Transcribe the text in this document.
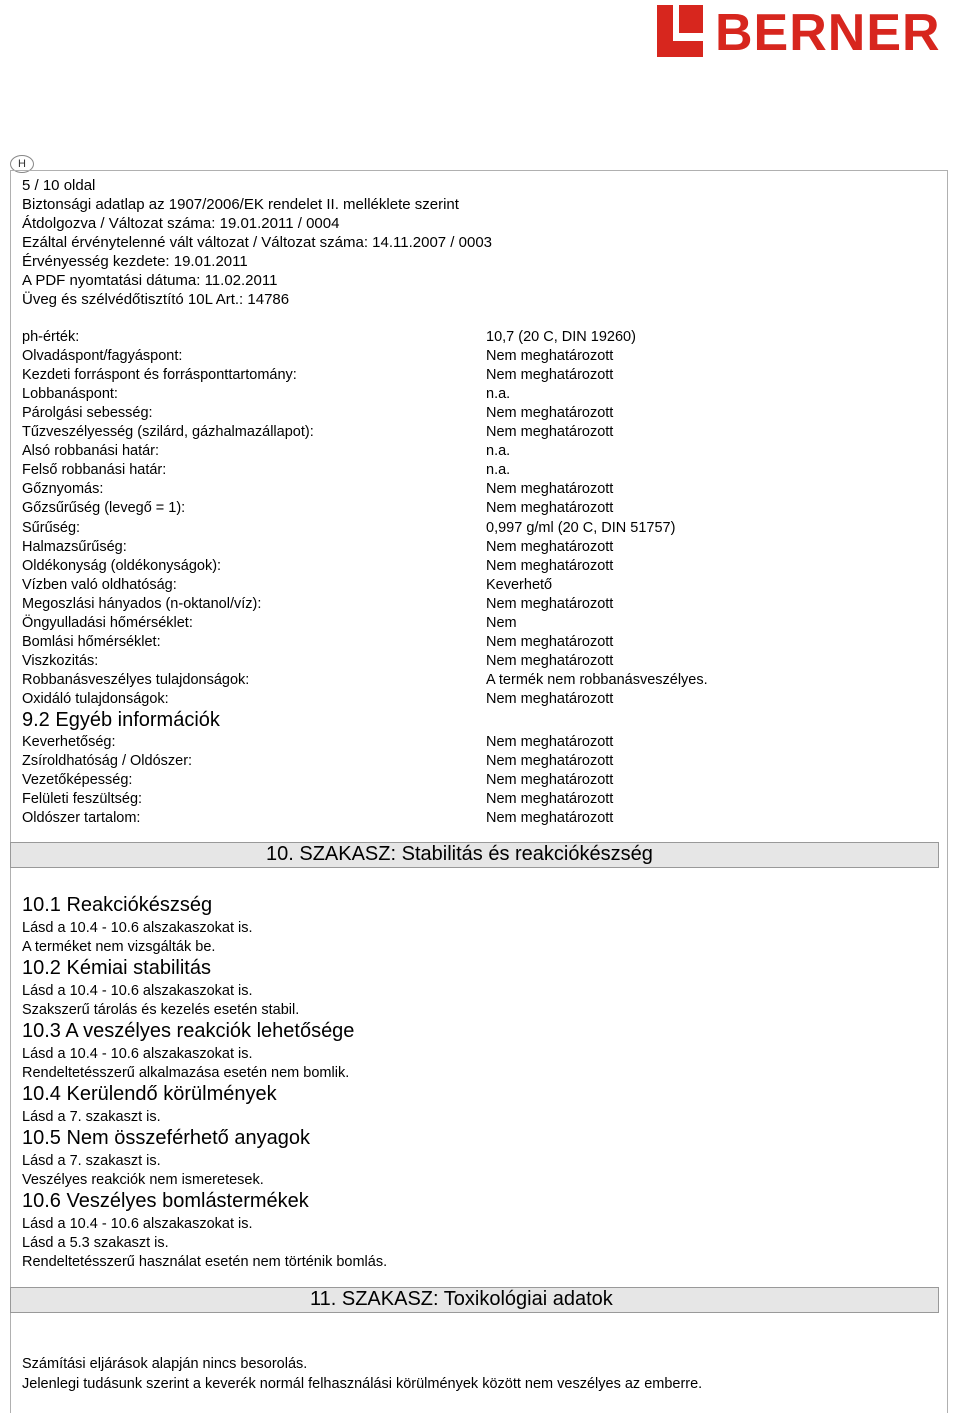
BERNER
H
5 / 10 oldal
Biztonsági adatlap az 1907/2006/EK rendelet II. melléklete szerint
Átdolgozva / Változat száma: 19.01.2011 / 0004
Ezáltal érvénytelenné vált változat / Változat száma: 14.11.2007 / 0003
Érvényesség kezdete: 19.01.2011
A PDF nyomtatási dátuma: 11.02.2011
Üveg és szélvédőtisztító 10L Art.: 14786
ph-érték:	10,7 (20 C, DIN 19260)
Olvadáspont/fagyáspont:	Nem meghatározott
Kezdeti forráspont és forrásponttartomány:	Nem meghatározott
Lobbanáspont:	n.a.
Párolgási sebesség:	Nem meghatározott
Tűzveszélyesség (szilárd, gázhalmazállapot):	Nem meghatározott
Alsó robbanási határ:	n.a.
Felső robbanási határ:	n.a.
Gőznyomás:	Nem meghatározott
Gőzsűrűség (levegő = 1):	Nem meghatározott
Sűrűség:	0,997 g/ml (20 C, DIN 51757)
Halmazsűrűség:	Nem meghatározott
Oldékonyság (oldékonyságok):	Nem meghatározott
Vízben való oldhatóság:	Keverhető
Megoszlási hányados (n-oktanol/víz):	Nem meghatározott
Öngyulladási hőmérséklet:	Nem
Bomlási hőmérséklet:	Nem meghatározott
Viszkozitás:	Nem meghatározott
Robbanásveszélyes tulajdonságok:	A termék nem robbanásveszélyes.
Oxidáló tulajdonságok:	Nem meghatározott
9.2 Egyéb információk
Keverhetőség:	Nem meghatározott
Zsíroldhatóság / Oldószer:	Nem meghatározott
Vezetőképesség:	Nem meghatározott
Felületi feszültség:	Nem meghatározott
Oldószer tartalom:	Nem meghatározott
10. SZAKASZ: Stabilitás és reakciókészség
10.1 Reakciókészség
Lásd a 10.4 - 10.6 alszakaszokat is.
A terméket nem vizsgálták be.
10.2 Kémiai stabilitás
Lásd a 10.4 - 10.6 alszakaszokat is.
Szakszerű tárolás és kezelés esetén stabil.
10.3 A veszélyes reakciók lehetősége
Lásd a 10.4 - 10.6 alszakaszokat is.
Rendeltetésszerű alkalmazása esetén nem bomlik.
10.4 Kerülendő körülmények
Lásd a 7. szakaszt is.
10.5 Nem összeférhető anyagok
Lásd a 7. szakaszt is.
Veszélyes reakciók nem ismeretesek.
10.6 Veszélyes bomlástermékek
Lásd a 10.4 - 10.6 alszakaszokat is.
Lásd a 5.3 szakaszt is.
Rendeltetésszerű használat esetén nem történik bomlás.
11. SZAKASZ: Toxikológiai adatok
Számítási eljárások alapján nincs besorolás.
Jelenlegi tudásunk szerint a keverék normál felhasználási körülmények között nem veszélyes az emberre.
